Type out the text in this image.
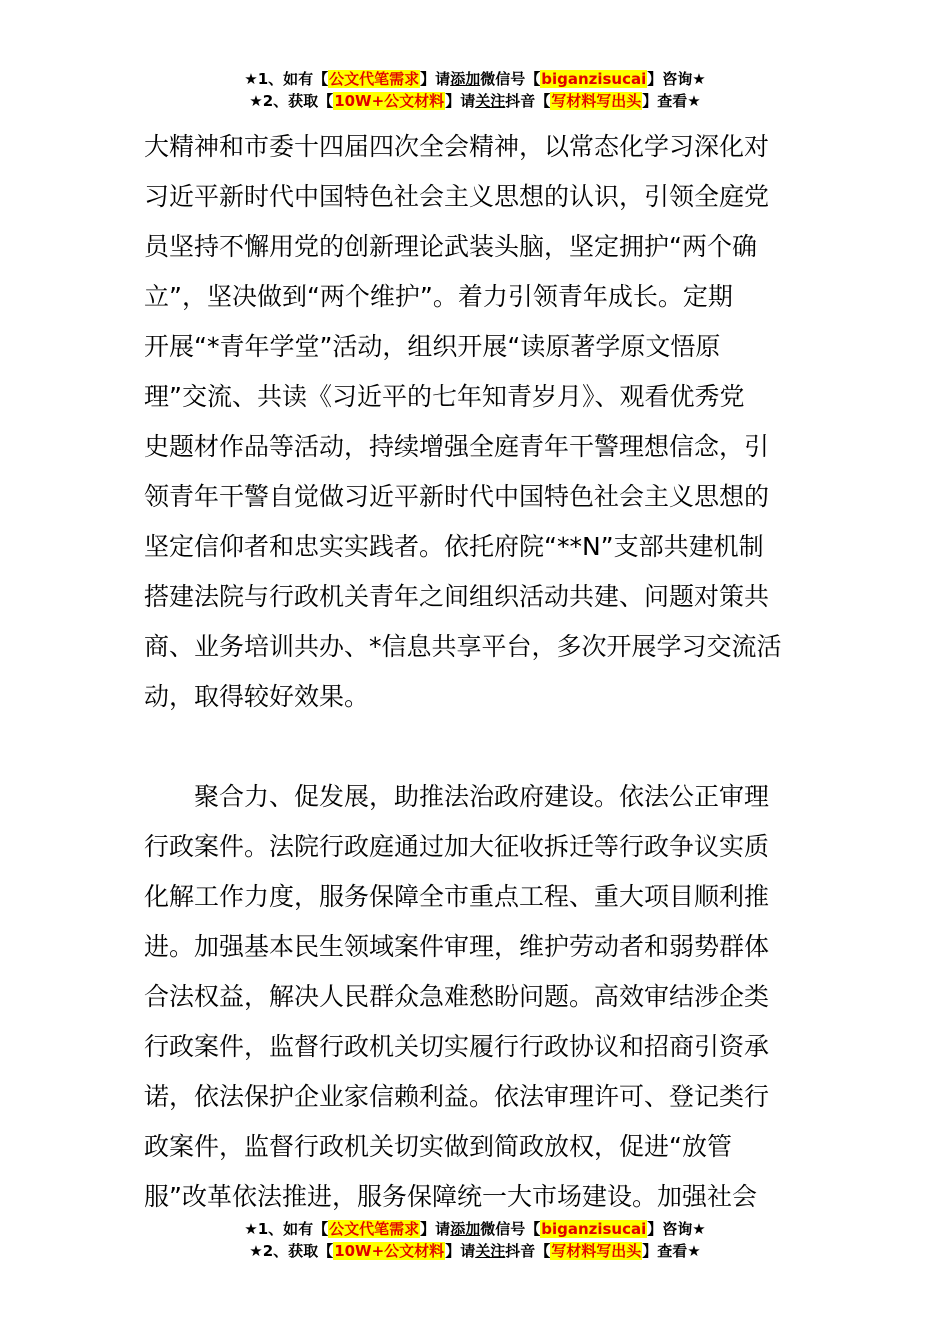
★1、如有【公文代笔需求】请添加微信号【biganzisucai】咨询★
★2、获取【10W+公文材料】请关注抖音【写材料写出头】查看★
大精神和市委十四届四次全会精神，以常态化学习深化对
习近平新时代中国特色社会主义思想的认识，引领全庭党
员坚持不懈用党的创新理论武装头脑，坚定拥护“两个确
立”，坚决做到“两个维护”。着力引领青年成长。定期
开展“*青年学堂”活动，组织开展“读原著学原文悟原
理”交流、共读《习近平的七年知青岁月》、观看优秀党
史题材作品等活动，持续增强全庭青年干警理想信念，引
领青年干警自觉做习近平新时代中国特色社会主义思想的
坚定信仰者和忠实实践者。依托府院“**N”支部共建机制
搭建法院与行政机关青年之间组织活动共建、问题对策共
商、业务培训共办、*信息共享平台，多次开展学习交流活
动，取得较好效果。
　　聚合力、促发展，助推法治政府建设。依法公正审理
行政案件。法院行政庭通过加大征收拆迁等行政争议实质
化解工作力度，服务保障全市重点工程、重大项目顺利推
进。加强基本民生领域案件审理，维护劳动者和弱势群体
合法权益，解决人民群众急难愁盼问题。高效审结涉企类
行政案件，监督行政机关切实履行行政协议和招商引资承
诺，依法保护企业家信赖利益。依法审理许可、登记类行
政案件，监督行政机关切实做到简政放权，促进“放管
服”改革依法推进，服务保障统一大市场建设。加强社会
★1、如有【公文代笔需求】请添加微信号【biganzisucai】咨询★
★2、获取【10W+公文材料】请关注抖音【写材料写出头】查看★
